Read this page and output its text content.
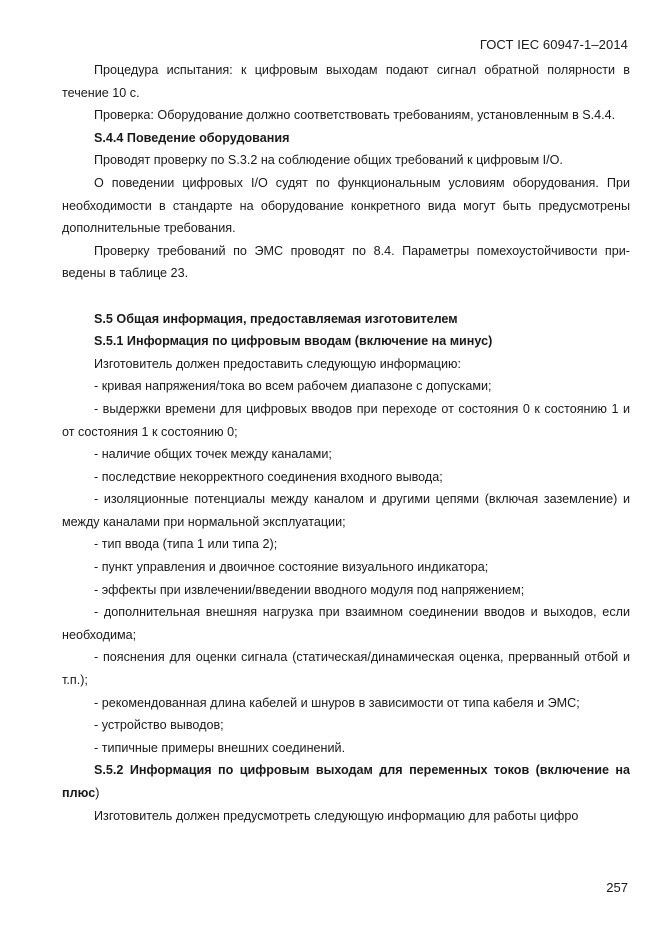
ГОСТ IEC 60947-1–2014

Процедура испытания: к цифровым выходам подают сигнал обратной полярности в течение 10 с.

Проверка: Оборудование должно соответствовать требованиям, установленным в S.4.4.

S.4.4 Поведение оборудования

Проводят проверку по S.3.2 на соблюдение общих требований к цифровым I/O.

О поведении цифровых I/O судят по функциональным условиям оборудования. При необходимости в стандарте на оборудование конкретного вида могут быть предусмотрены дополнительные требования.

Проверку требований по ЭМС проводят по 8.4. Параметры помехоустойчивости приведены в таблице 23.

S.5 Общая информация, предоставляемая изготовителем

S.5.1 Информация по цифровым вводам (включение на минус)

Изготовитель должен предоставить следующую информацию:

- кривая напряжения/тока во всем рабочем диапазоне с допусками;

- выдержки времени для цифровых вводов при переходе от состояния 0 к состоянию 1 и от состояния 1 к состоянию 0;

- наличие общих точек между каналами;

- последствие некорректного соединения входного вывода;

- изоляционные потенциалы между каналом и другими цепями (включая заземление) и между каналами при нормальной эксплуатации;

- тип ввода (типа 1 или типа 2);

- пункт управления и двоичное состояние визуального индикатора;

- эффекты при извлечении/введении вводного модуля под напряжением;

- дополнительная внешняя нагрузка при взаимном соединении вводов и выходов, если необходима;

- пояснения для оценки сигнала (статическая/динамическая оценка, прерванный отбой и т.п.);

- рекомендованная длина кабелей и шнуров в зависимости от типа кабеля и ЭМС;

- устройство выводов;

- типичные примеры внешних соединений.

S.5.2 Информация по цифровым выходам для переменных токов (включение на плюс)

Изготовитель должен предусмотреть следующую информацию для работы цифро

257
